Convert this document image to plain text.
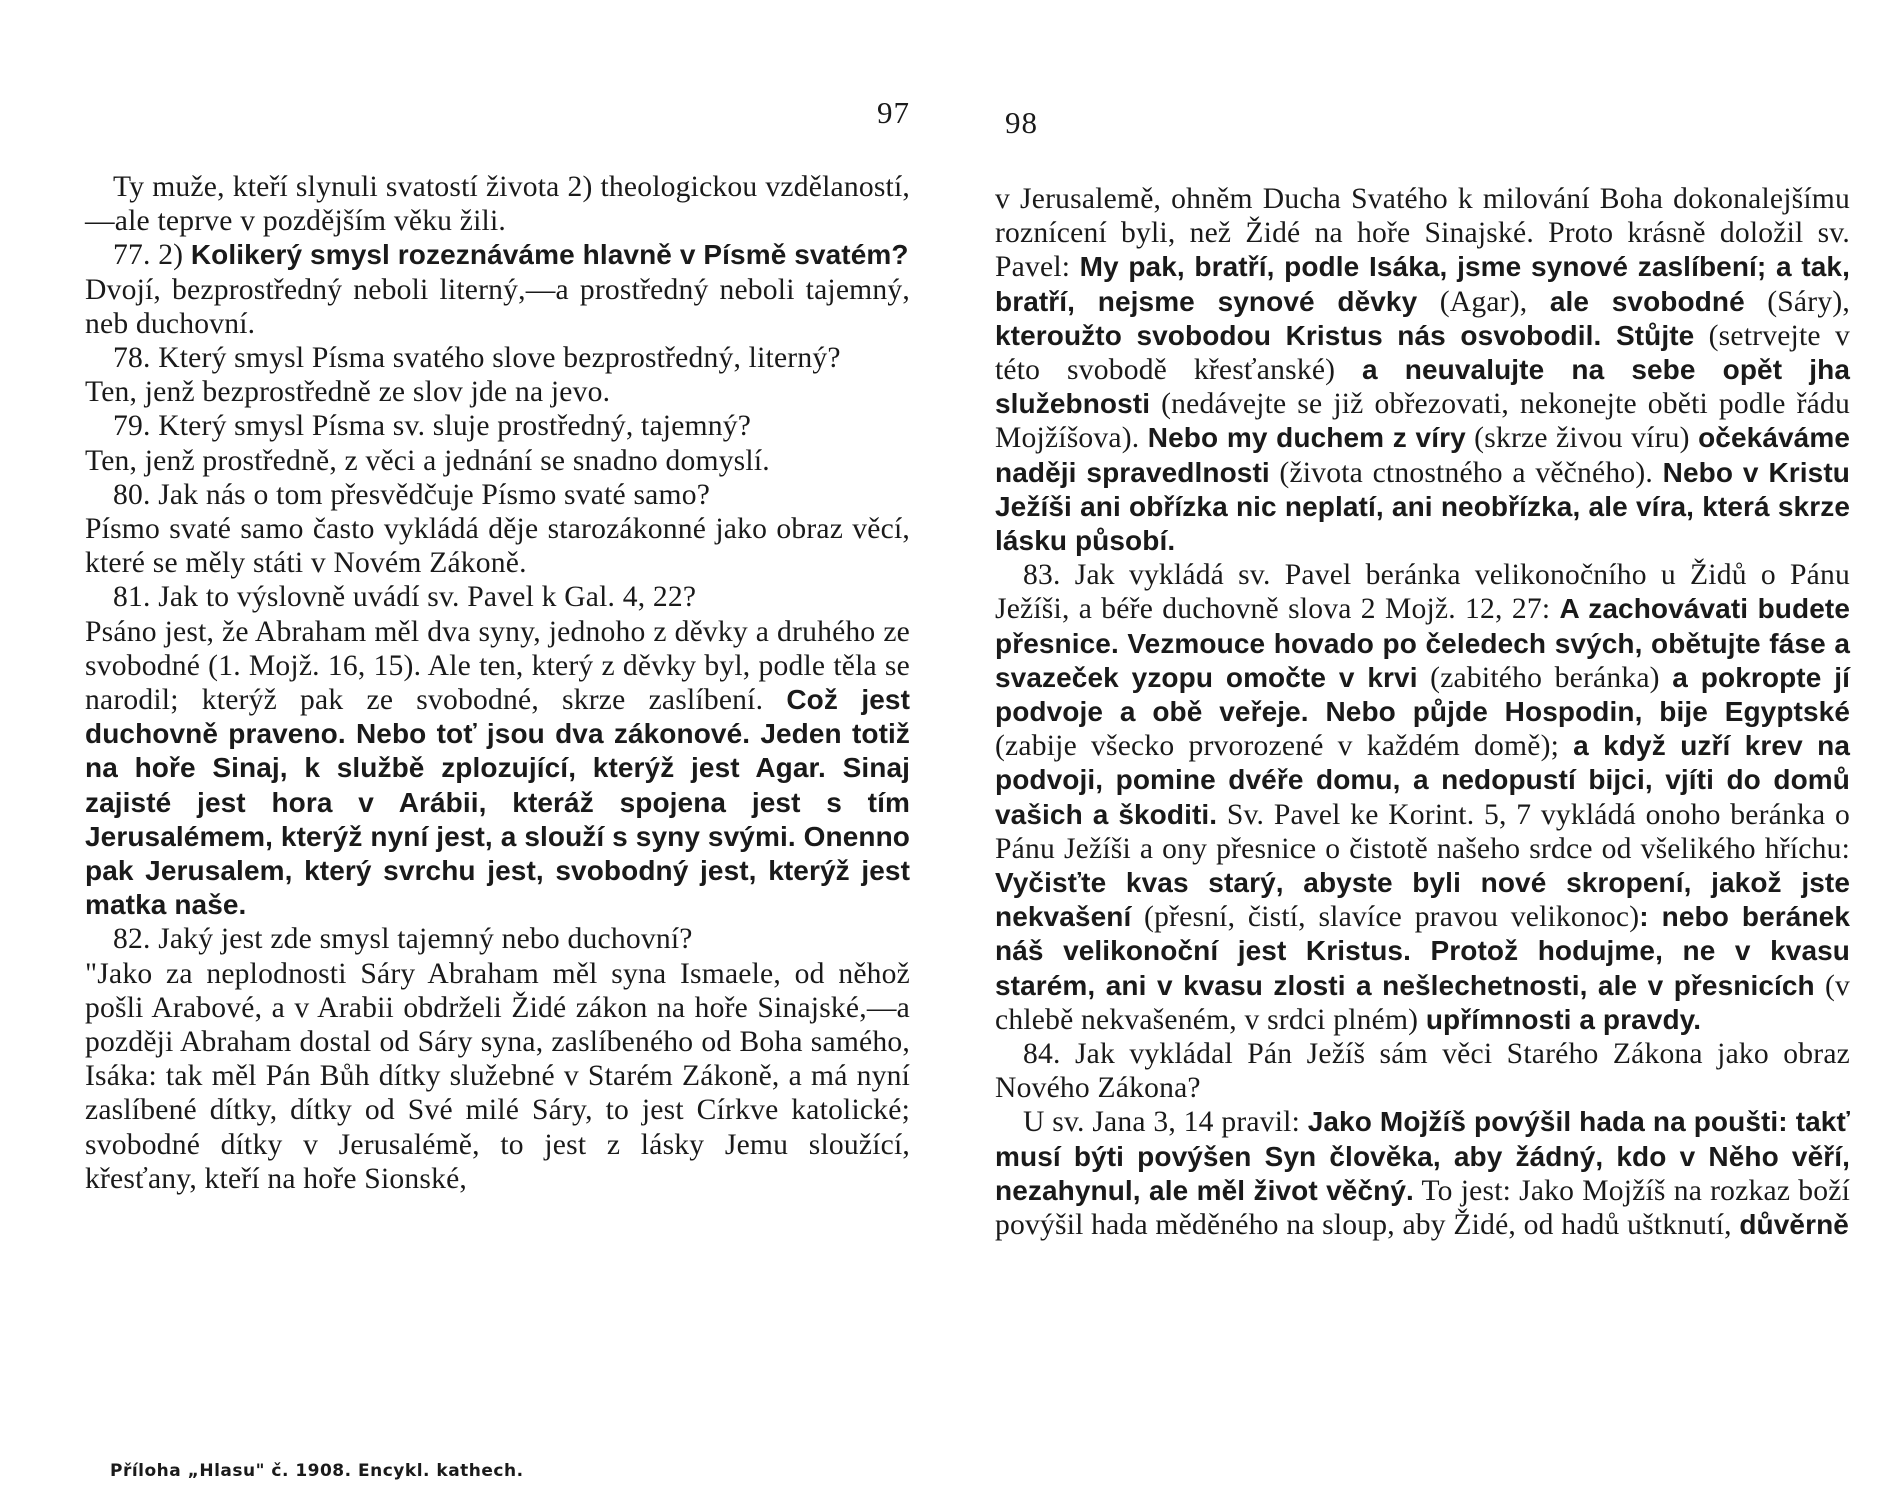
97

Ty muže, kteří slynuli svatostí života 2) theologickou vzdělaností,—ale teprve v pozdějším věku žili.

77. 2) Kolikerý smysl rozeznáváme hlavně v Písmě svatém?

Dvojí, bezprostředný neboli literný,—a prostředný neboli tajemný, neb duchovní.

78. Který smysl Písma svatého slove bezprostředný, literný?

Ten, jenž bezprostředně ze slov jde na jevo.

79. Který smysl Písma sv. sluje prostředný, tajemný?

Ten, jenž prostředně, z věci a jednání se snadno domyslí.

80. Jak nás o tom přesvědčuje Písmo svaté samo?

Písmo svaté samo často vykládá děje starozákonné jako obraz věcí, které se měly státi v Novém Zákoně.

81. Jak to výslovně uvádí sv. Pavel k Gal. 4, 22?

Psáno jest, že Abraham měl dva syny, jednoho z děvky a druhého ze svobodné (1. Mojž. 16, 15). Ale ten, který z děvky byl, podle těla se narodil; kterýž pak ze svobodné, skrze zaslíbení. Což jest duchovně praveno. Nebo toť jsou dva zákonové. Jeden totiž na hoře Sinaj, k službě zplozující, kterýž jest Agar. Sinaj zajisté jest hora v Arábii, kteráž spojena jest s tím Jerusalémem, kterýž nyní jest, a slouží s syny svými. Onenno pak Jerusalem, který svrchu jest, svobodný jest, kterýž jest matka naše.

82. Jaký jest zde smysl tajemný nebo duchovní?

"Jako za neplodnosti Sáry Abraham měl syna Ismaele, od něhož pošli Arabové, a v Arabii obdrželi Židé zákon na hoře Sinajské,—a později Abraham dostal od Sáry syna, zaslíbeného od Boha samého, Isáka: tak měl Pán Bůh dítky služebné v Starém Zákoně, a má nyní zaslíbené dítky, dítky od Své milé Sáry, to jest Církve katolické; svobodné dítky v Jerusalémě, to jest z lásky Jemu sloužící, křesťany, kteří na hoře Sionské,

Příloha „Hlasu" č. 1908. Encykl. kathech.
98

v Jerusalemě, ohněm Ducha Svatého k milování Boha dokonalejšímu roznícení byli, než Židé na hoře Sinajské. Proto krásně doložil sv. Pavel: My pak, bratří, podle Isáka, jsme synové zaslíbení; a tak, bratří, nejsme synové děvky (Agar), ale svobodné (Sáry), kteroužto svobodou Kristus nás osvobodil. Stůjte (setrvejte v této svobodě křesťanské) a neuvalujte na sebe opět jha služebnosti (nedávejte se již obřezovati, nekonejte oběti podle řádu Mojžíšova). Nebo my duchem z víry (skrze živou víru) očekáváme naději spravedlnosti (života ctnostného a věčného). Nebo v Kristu Ježíši ani obřízka nic neplatí, ani neobřízka, ale víra, která skrze lásku působí.

83. Jak vykládá sv. Pavel beránka velikonočního u Židů o Pánu Ježíši, a béře duchovně slova 2 Mojž. 12, 27: A zachovávati budete přesnice. Vezmouce hovado po čeledech svých, obětujte fáse a svazeček yzopu omočte v krvi (zabitého beránka) a pokropte jí podvoje a obě veřeje. Nebo půjde Hospodin, bije Egyptské (zabije všecko prvorozené v každém domě); a když uzří krev na podvoji, pomine dvéře domu, a nedopustí bijci, vjíti do domů vašich a škoditi. Sv. Pavel ke Korint. 5, 7 vykládá onoho beránka o Pánu Ježíši a ony přesnice o čistotě našeho srdce od všelikého hříchu: Vyčisťte kvas starý, abyste byli nové skropení, jakož jste nekvašení (přesní, čistí, slavíce pravou velikonoc): nebo beránek náš velikonoční jest Kristus. Protož hodujme, ne v kvasu starém, ani v kvasu zlosti a nešlechetnosti, ale v přesnicích (v chlebě nekvašeném, v srdci plném) upřímnosti a pravdy.

84. Jak vykládal Pán Ježíš sám věci Starého Zákona jako obraz Nového Zákona?

U sv. Jana 3, 14 pravil: Jako Mojžíš povýšil hada na poušti: takť musí býti povýšen Syn člověka, aby žádný, kdo v Něho věří, nezahynul, ale měl život věčný. To jest: Jako Mojžíš na rozkaz boží povýšil hada měděného na sloup, aby Židé, od hadů uštknutí, důvěrně
